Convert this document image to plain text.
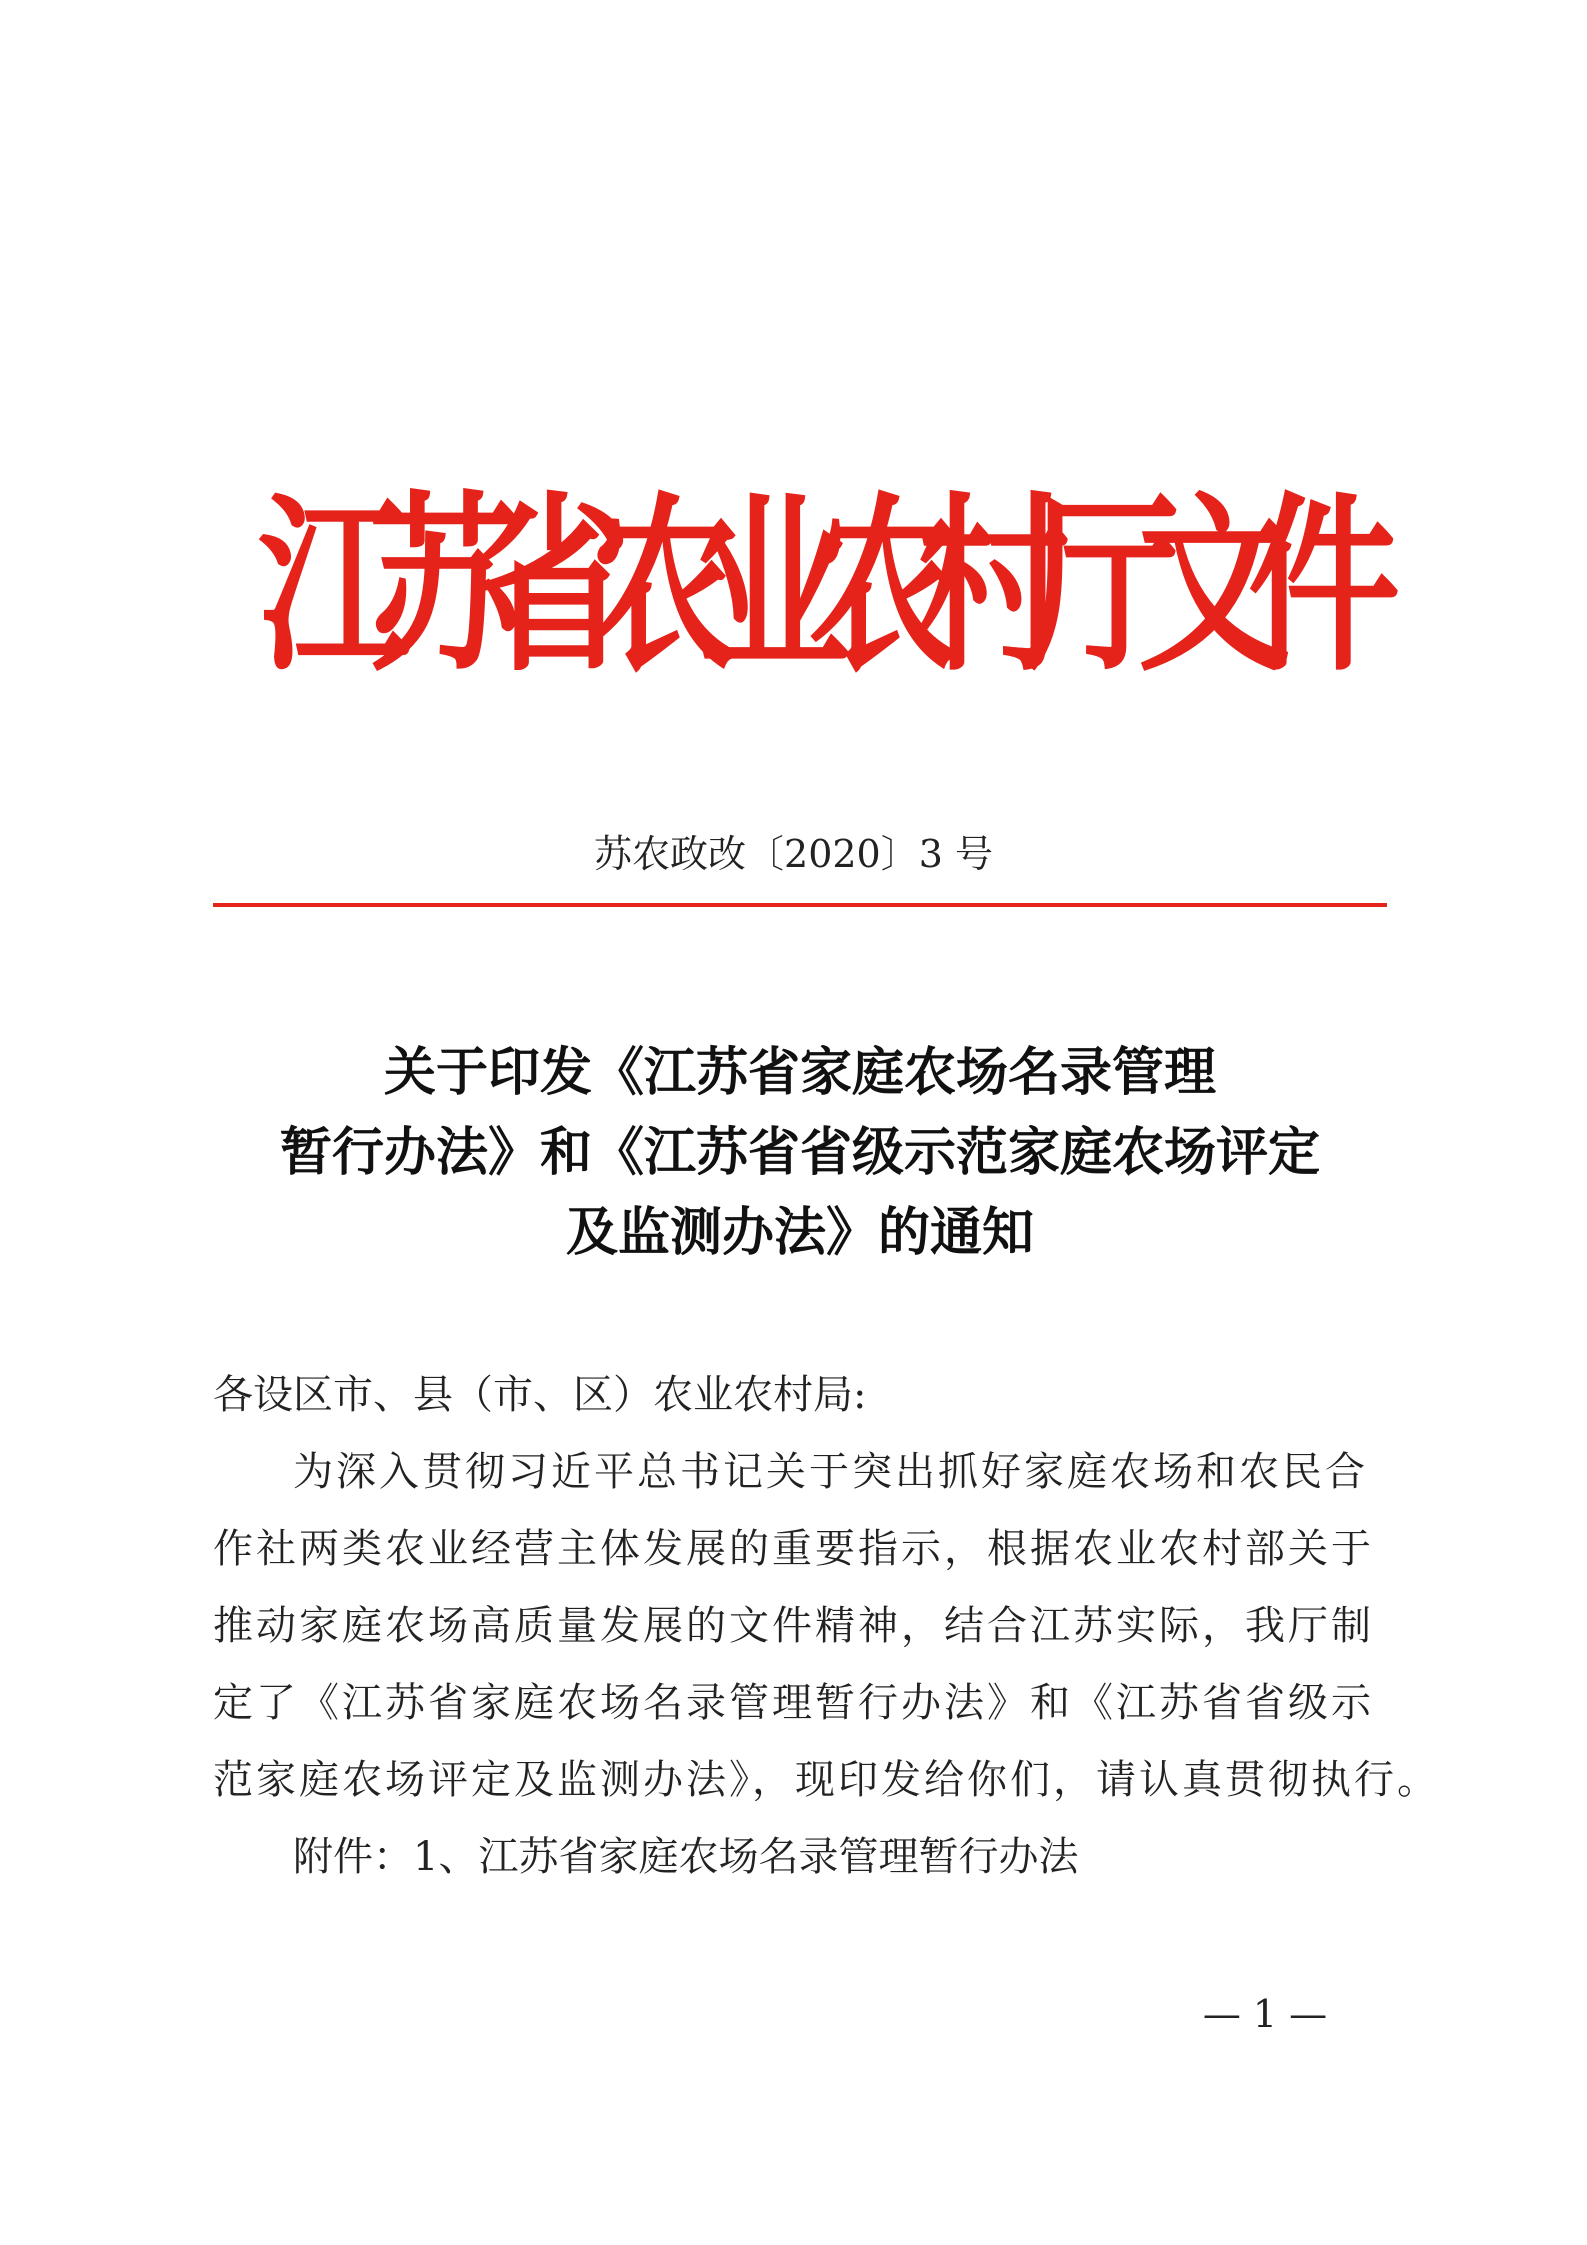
江
苏
省
农
业
农
村
厅
文
件
苏农政改〔2020〕3 号
关于印发《江苏省家庭农场名录管理
暂行办法》和《江苏省省级示范家庭农场评定
及监测办法》的通知
各设区市、县（市、区）农业农村局:
为深入贯彻习近平总书记关于突出抓好家庭农场和农民合
作社两类农业经营主体发展的重要指示，根据农业农村部关于
推动家庭农场高质量发展的文件精神，结合江苏实际，我厅制
定了《江苏省家庭农场名录管理暂行办法》和《江苏省省级示
范家庭农场评定及监测办法》，现印发给你们，请认真贯彻执行。
附件：1、江苏省家庭农场名录管理暂行办法
— 1 —
